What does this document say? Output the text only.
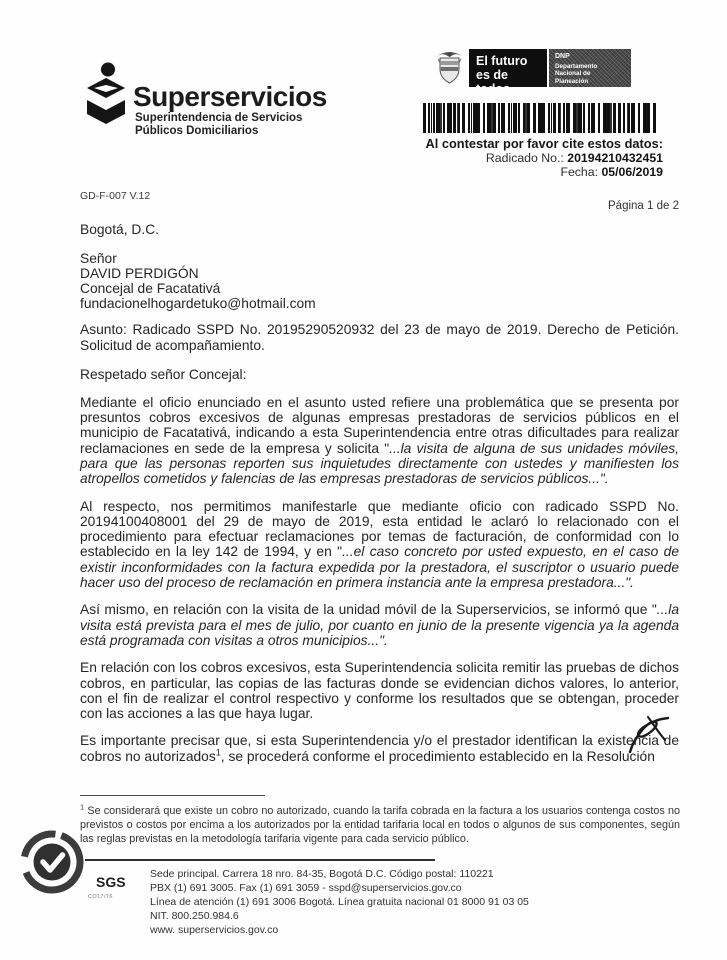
Superservicios
Superintendencia de Servicios
Públicos Domiciliarios
El futuro
es de todos
DNP
Departamento
Nacional de Planeación
Al contestar por favor cite estos datos:
Radicado No.: 20194210432451
Fecha: 05/06/2019
GD-F-007 V.12
Página 1 de 2
Bogotá, D.C.
Señor
DAVID PERDIGÓN
Concejal de Facatativá
fundacionelhogardetuko@hotmail.com

Asunto: Radicado SSPD No. 20195290520932 del 23 de mayo de 2019. Derecho de Petición. Solicitud de acompañamiento.

Respetado señor Concejal:

Mediante el oficio enunciado en el asunto usted refiere una problemática que se presenta por presuntos cobros excesivos de algunas empresas prestadoras de servicios públicos en el municipio de Facatativá, indicando a esta Superintendencia entre otras dificultades para realizar reclamaciones en sede de la empresa y solicita "...la visita de alguna de sus unidades móviles, para que las personas reporten sus inquietudes directamente con ustedes y manifiesten los atropellos cometidos y falencias de las empresas prestadoras de servicios públicos...".

Al respecto, nos permitimos manifestarle que mediante oficio con radicado SSPD No. 20194100408001 del 29 de mayo de 2019, esta entidad le aclaró lo relacionado con el procedimiento para efectuar reclamaciones por temas de facturación, de conformidad con lo establecido en la ley 142 de 1994, y en "...el caso concreto por usted expuesto, en el caso de existir inconformidades con la factura expedida por la prestadora, el suscriptor o usuario puede hacer uso del proceso de reclamación en primera instancia ante la empresa prestadora...".

Así mismo, en relación con la visita de la unidad móvil de la Superservicios, se informó que "...la visita está prevista para el mes de julio, por cuanto en junio de la presente vigencia ya la agenda está programada con visitas a otros municipios...".

En relación con los cobros excesivos, esta Superintendencia solicita remitir las pruebas de dichos cobros, en particular, las copias de las facturas donde se evidencian dichos valores, lo anterior, con el fin de realizar el control respectivo y conforme los resultados que se obtengan, proceder con las acciones a las que haya lugar.

Es importante precisar que, si esta Superintendencia y/o el prestador identifican la existencia de cobros no autorizados$^1$, se procederá conforme el procedimiento establecido en la Resolución

$^1$ Se considerará que existe un cobro no autorizado, cuando la tarifa cobrada en la factura a los usuarios contenga costos no previstos o costos por encima a los autorizados por la entidad tarifaria local en todos o algunos de sus componentes, según las reglas previstas en la metodología tarifaria vigente para cada servicio público.
SGS
CO17/76
Sede principal. Carrera 18 nro. 84-35, Bogotá D.C. Código postal: 110221
PBX (1) 691 3005. Fax (1) 691 3059 - sspd@superservicios.gov.co
Línea de atención (1) 691 3006 Bogotá. Línea gratuita nacional 01 8000 91 03 05
NIT. 800.250.984.6
www. superservicios.gov.co
